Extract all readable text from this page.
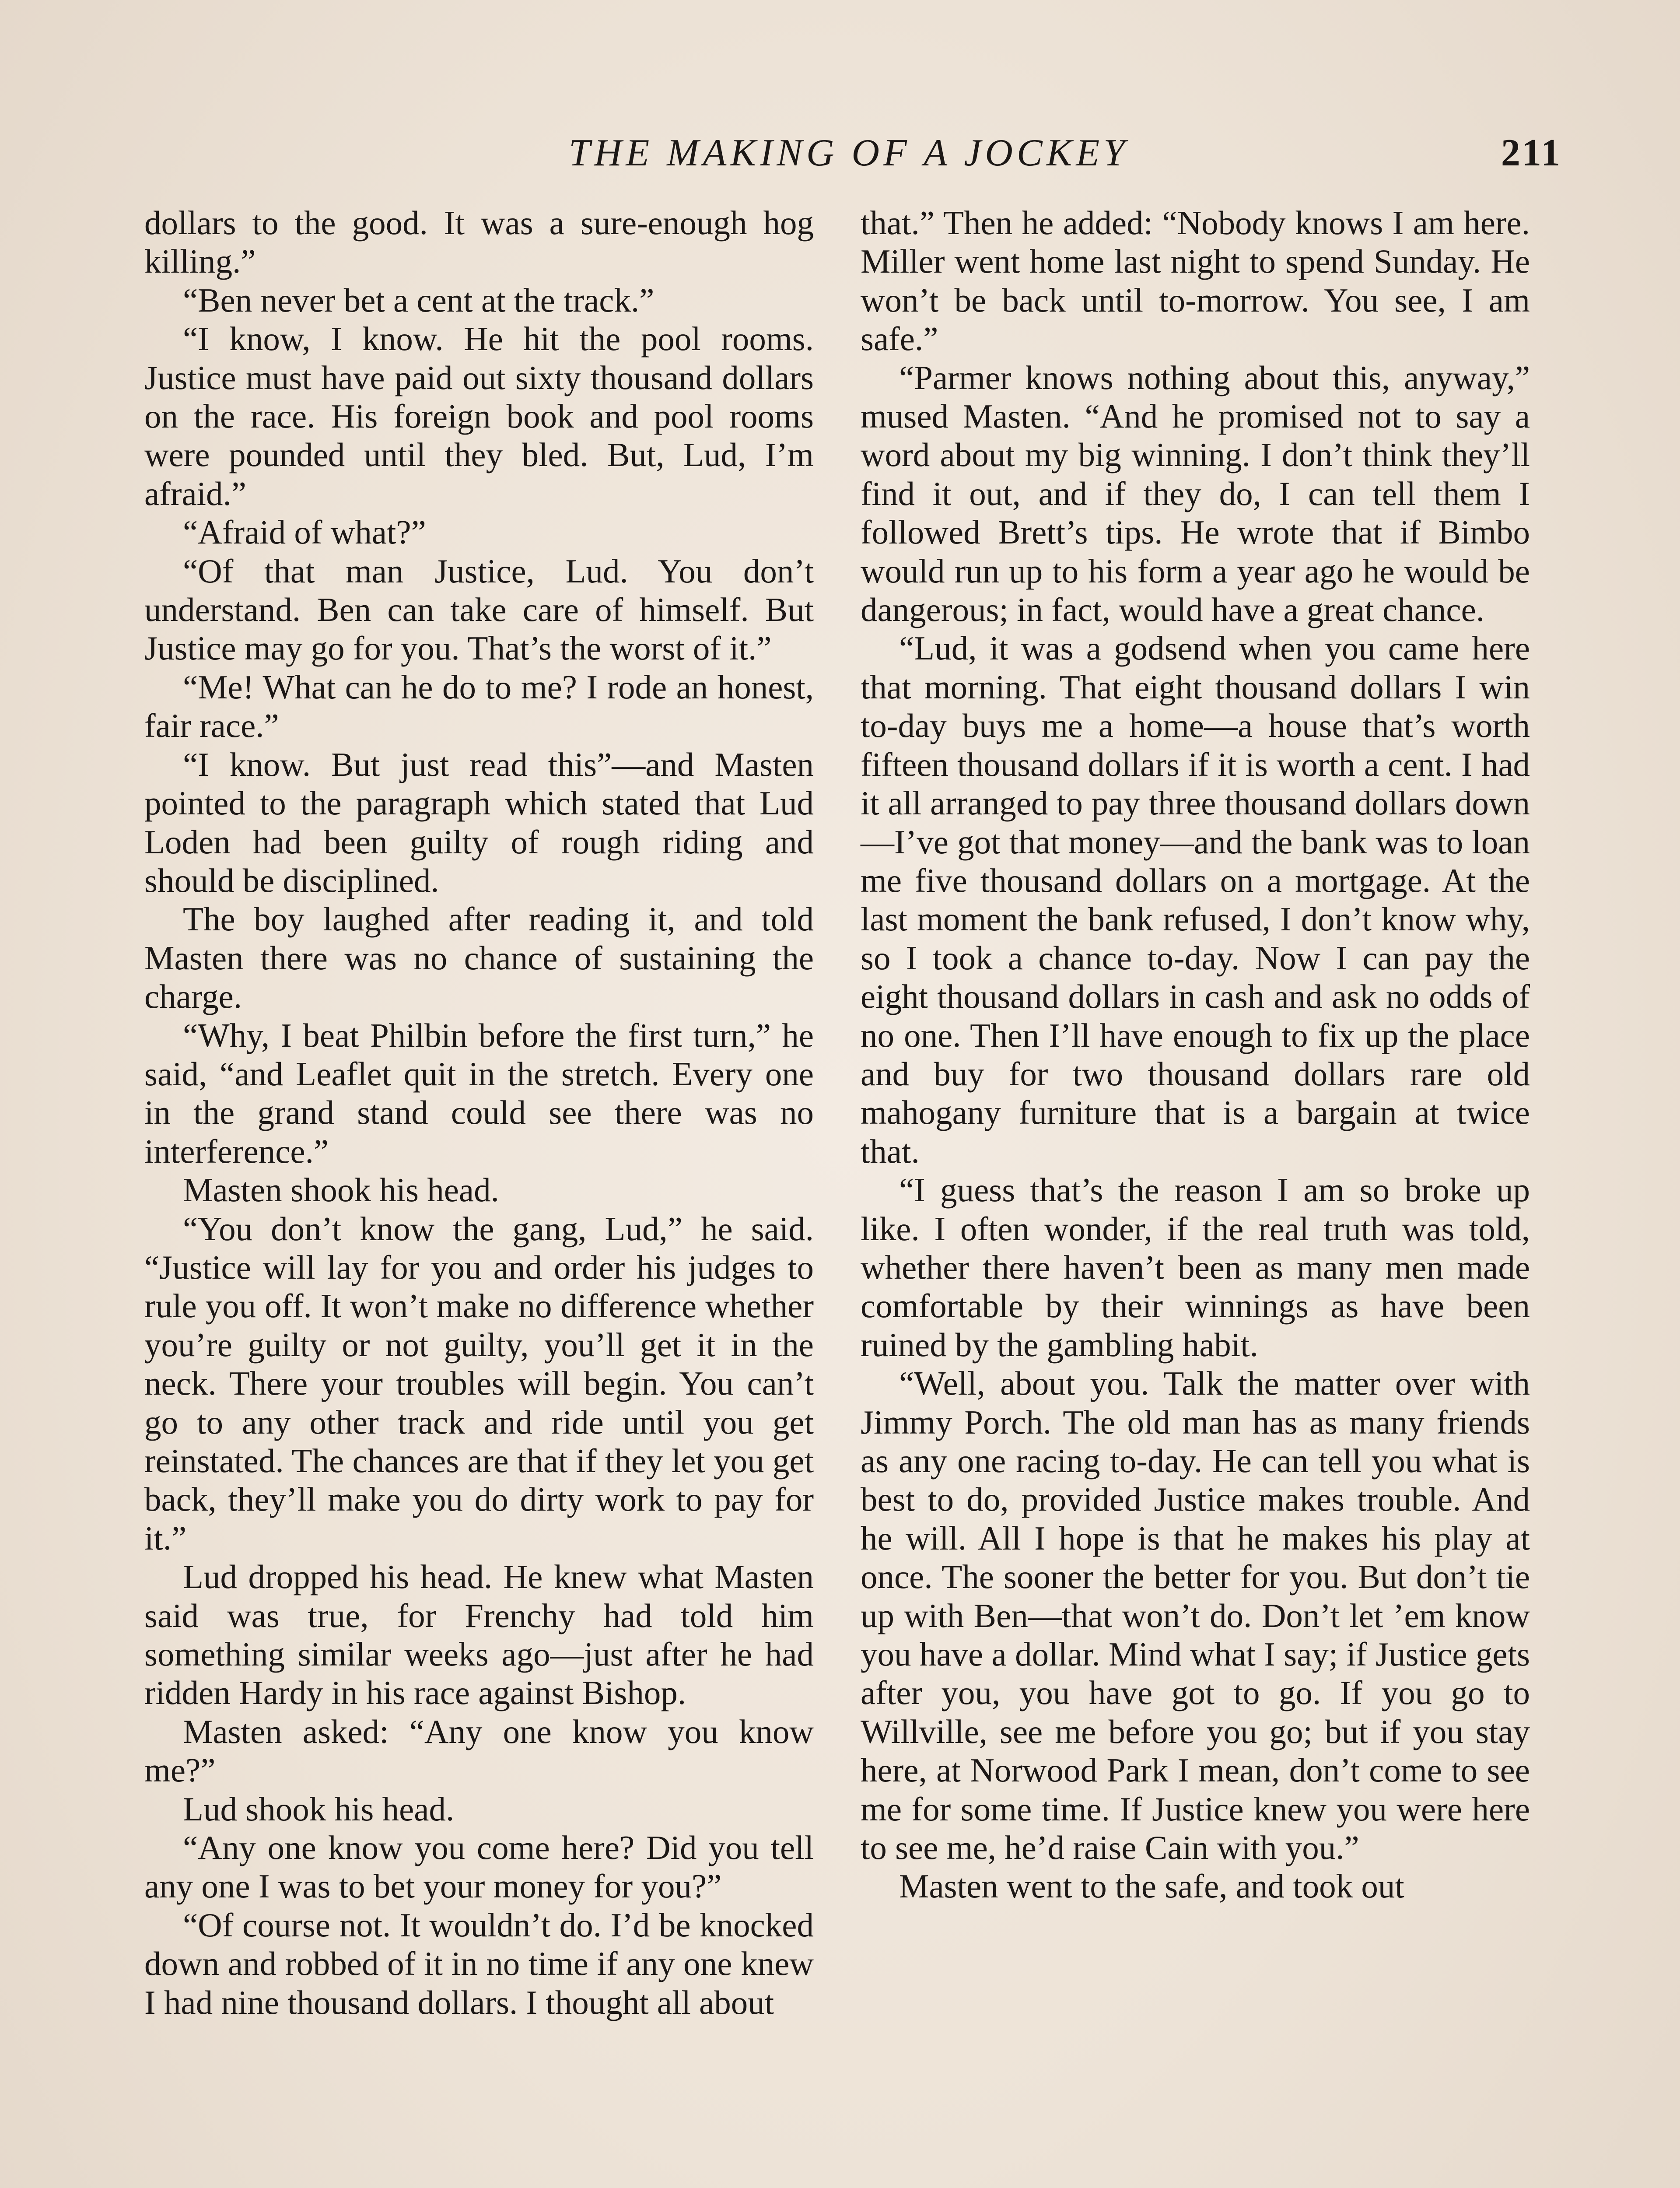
THE MAKING OF A JOCKEY	211

dollars to the good. It was a sure-enough hog killing.”

“Ben never bet a cent at the track.”

“I know, I know. He hit the pool rooms. Justice must have paid out sixty thousand dollars on the race. His foreign book and pool rooms were pounded until they bled. But, Lud, I’m afraid.”

“Afraid of what?”

“Of that man Justice, Lud. You don’t understand. Ben can take care of himself. But Justice may go for you. That’s the worst of it.”

“Me! What can he do to me? I rode an honest, fair race.”

“I know. But just read this”—and Masten pointed to the paragraph which stated that Lud Loden had been guilty of rough riding and should be disciplined.

The boy laughed after reading it, and told Masten there was no chance of sustaining the charge.

“Why, I beat Philbin before the first turn,” he said, “and Leaflet quit in the stretch. Every one in the grand stand could see there was no interference.”

Masten shook his head.

“You don’t know the gang, Lud,” he said. “Justice will lay for you and order his judges to rule you off. It won’t make no difference whether you’re guilty or not guilty, you’ll get it in the neck. There your troubles will begin. You can’t go to any other track and ride until you get reinstated. The chances are that if they let you get back, they’ll make you do dirty work to pay for it.”

Lud dropped his head. He knew what Masten said was true, for Frenchy had told him something similar weeks ago—just after he had ridden Hardy in his race against Bishop.

Masten asked: “Any one know you know me?”

Lud shook his head.

“Any one know you come here? Did you tell any one I was to bet your money for you?”

“Of course not. It wouldn’t do. I’d be knocked down and robbed of it in no time if any one knew I had nine thousand dollars. I thought all about

that.” Then he added: “Nobody knows I am here. Miller went home last night to spend Sunday. He won’t be back until to-morrow. You see, I am safe.”

“Parmer knows nothing about this, anyway,” mused Masten. “And he promised not to say a word about my big winning. I don’t think they’ll find it out, and if they do, I can tell them I followed Brett’s tips. He wrote that if Bimbo would run up to his form a year ago he would be dangerous; in fact, would have a great chance.

“Lud, it was a godsend when you came here that morning. That eight thousand dollars I win to-day buys me a home—a house that’s worth fifteen thousand dollars if it is worth a cent. I had it all arranged to pay three thousand dollars down—I’ve got that money—and the bank was to loan me five thousand dollars on a mortgage. At the last moment the bank refused, I don’t know why, so I took a chance to-day. Now I can pay the eight thousand dollars in cash and ask no odds of no one. Then I’ll have enough to fix up the place and buy for two thousand dollars rare old mahogany furniture that is a bargain at twice that.

“I guess that’s the reason I am so broke up like. I often wonder, if the real truth was told, whether there haven’t been as many men made comfortable by their winnings as have been ruined by the gambling habit.

“Well, about you. Talk the matter over with Jimmy Porch. The old man has as many friends as any one racing to-day. He can tell you what is best to do, provided Justice makes trouble. And he will. All I hope is that he makes his play at once. The sooner the better for you. But don’t tie up with Ben—that won’t do. Don’t let ’em know you have a dollar. Mind what I say; if Justice gets after you, you have got to go. If you go to Willville, see me before you go; but if you stay here, at Norwood Park I mean, don’t come to see me for some time. If Justice knew you were here to see me, he’d raise Cain with you.”

Masten went to the safe, and took out
